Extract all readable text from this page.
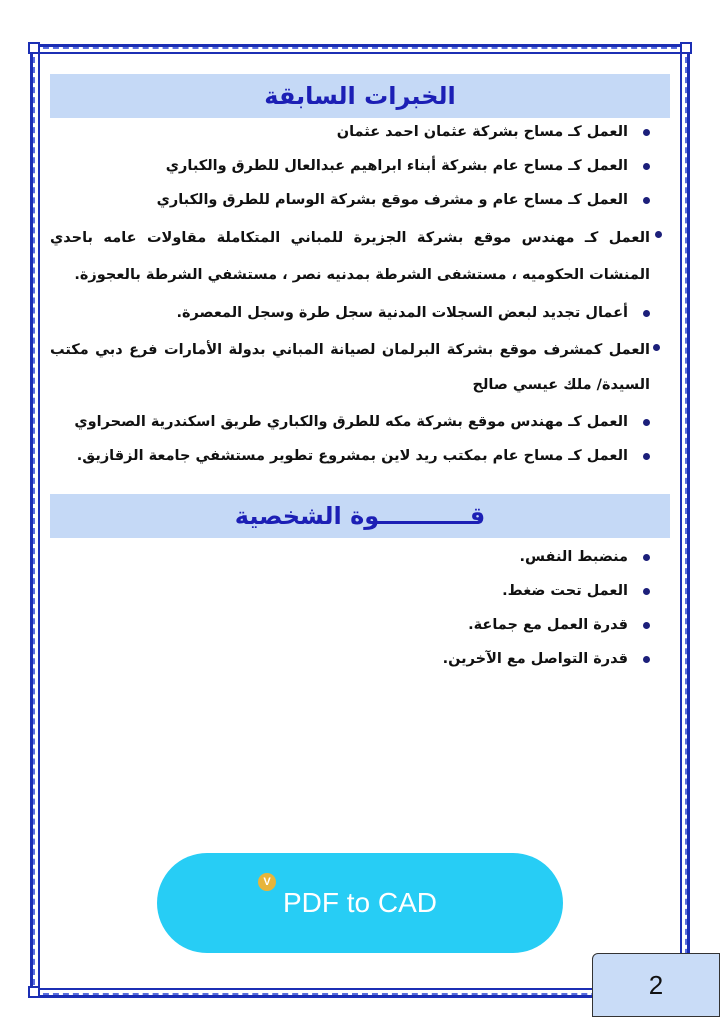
الخبرات السابقة
العمل كـ مساح بشركة عثمان احمد عثمان
العمل كـ مساح عام بشركة أبناء ابراهيم عبدالعال للطرق والكباري
العمل كـ مساح عام و مشرف موقع بشركة الوسام للطرق والكباري
العمل كـ مهندس موقع بشركة الجزيرة للمباني المتكاملة مقاولات عامه باحدي المنشات الحكوميه ، مستشفى الشرطة بمدنيه نصر ، مستشفي الشرطة بالعجوزة.
أعمال تجديد لبعض السجلات المدنية سجل طرة وسجل المعصرة.
العمل كمشرف موقع بشركة البرلمان لصيانة المباني بدولة الأمارات فرع دبي مكتب السيدة/ ملك عيسي صالح
العمل كـ مهندس موقع بشركة مكه للطرق والكباري طريق اسكندرية الصحراوي
العمل كـ مساح عام بمكتب ريد لاين بمشروع تطوير مستشفي جامعة الزقازيق.
قـــــــــــوة الشخصية
منضبط النفس.
العمل تحت ضغط.
قدرة العمل مع جماعة.
قدرة التواصل مع الآخرين.
V
PDF to CAD
2
